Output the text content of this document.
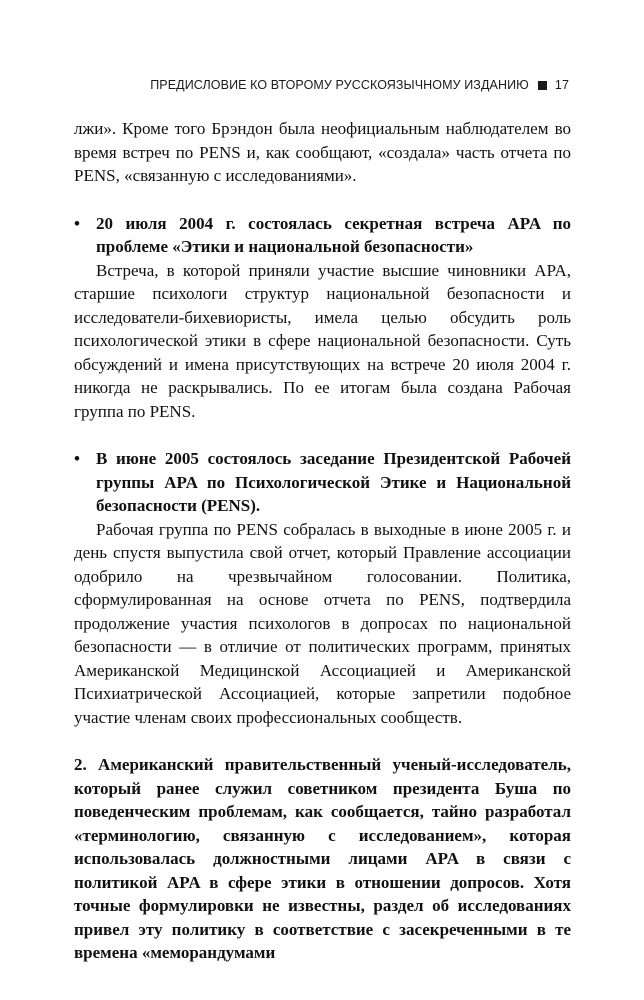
ПРЕДИСЛОВИЕ КО ВТОРОМУ РУССКОЯЗЫЧНОМУ ИЗДАНИЮ 17

лжи». Кроме того Брэндон была неофициальным наблюдателем во время встреч по PENS и, как сообщают, «создала» часть отчета по PENS, «связанную с исследованиями».

• 20 июля 2004 г. состоялась секретная встреча APA по проблеме «Этики и национальной безопасности»

Встреча, в которой приняли участие высшие чиновники APA, старшие психологи структур национальной безопасности и исследователи-бихевиористы, имела целью обсудить роль психологической этики в сфере национальной безопасности. Суть обсуждений и имена присутствующих на встрече 20 июля 2004 г. никогда не раскрывались. По ее итогам была создана Рабочая группа по PENS.

• В июне 2005 состоялось заседание Президентской Рабочей группы APA по Психологической Этике и Национальной безопасности (PENS).

Рабочая группа по PENS собралась в выходные в июне 2005 г. и день спустя выпустила свой отчет, который Правление ассоциации одобрило на чрезвычайном голосовании. Политика, сформулированная на основе отчета по PENS, подтвердила продолжение участия психологов в допросах по национальной безопасности — в отличие от политических программ, принятых Американской Медицинской Ассоциацией и Американской Психиатрической Ассоциацией, которые запретили подобное участие членам своих профессиональных сообществ.

2. Американский правительственный ученый-исследователь, который ранее служил советником президента Буша по поведенческим проблемам, как сообщается, тайно разработал «терминологию, связанную с исследованием», которая использовалась должностными лицами APA в связи с политикой APA в сфере этики в отношении допросов. Хотя точные формулировки не известны, раздел об исследованиях привел эту политику в соответствие с засекреченными в те времена «меморандумами
